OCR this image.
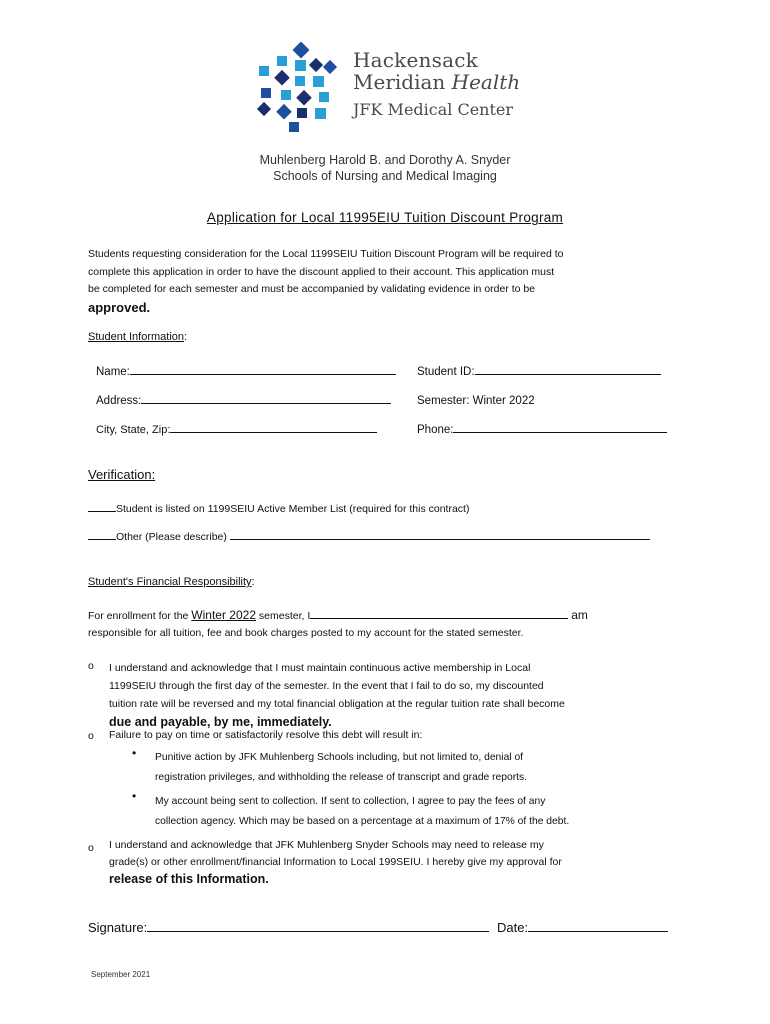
Hackensack
Meridian Health
JFK Medical Center
Muhlenberg Harold B. and Dorothy A. Snyder
Schools of Nursing and Medical Imaging
Application for Local 11995EIU Tuition Discount Program
Students requesting consideration for the Local 1199SEIU Tuition Discount Program will be required to
complete this application in order to have the discount applied to their account. This application must
be completed for each semester and must be accompanied by validating evidence in order to be
approved.
Student Information:
Name:	Student ID:
Address:	Semester: Winter 2022
City, State, Zip:	Phone:
Verification:
Student is listed on 1199SEIU Active Member List (required for this contract)
Other (Please describe)
Student's Financial Responsibility:
For enrollment for the Winter 2022 semester, I	am
responsible for all tuition, fee and book charges posted to my account for the stated semester.
o I understand and acknowledge that I must maintain continuous active membership in Local
1199SEIU through the first day of the semester. In the event that I fail to do so, my discounted
tuition rate will be reversed and my total financial obligation at the regular tuition rate shall become
due and payable, by me, immediately.
o Failure to pay on time or satisfactorily resolve this debt will result in:
• Punitive action by JFK Muhlenberg Schools including, but not limited to, denial of
registration privileges, and withholding the release of transcript and grade reports.
• My account being sent to collection. If sent to collection, I agree to pay the fees of any
collection agency. Which may be based on a percentage at a maximum of 17% of the debt.
o I understand and acknowledge that JFK Muhlenberg Snyder Schools may need to release my
grade(s) or other enrollment/financial Information to Local 199SEIU. I hereby give my approval for
release of this Information.
Signature:	Date:
September 2021
